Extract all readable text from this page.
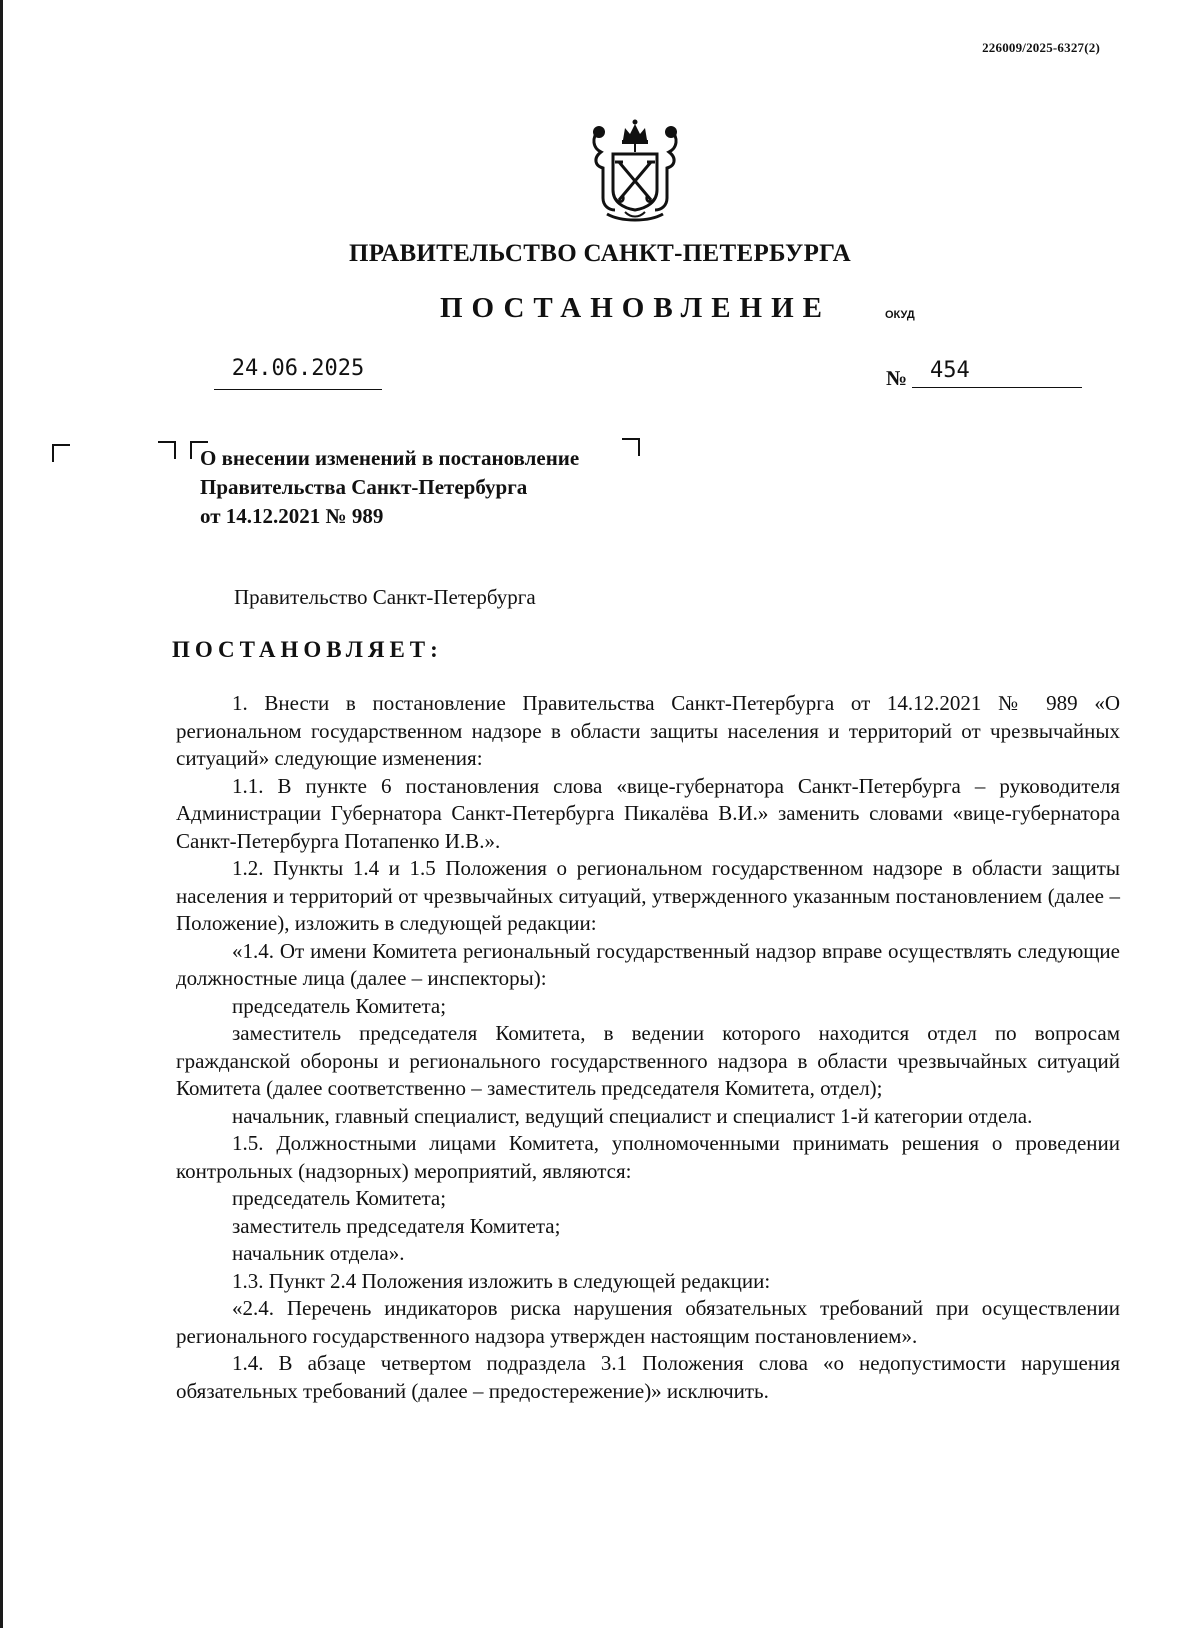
226009/2025-6327(2)
ПРАВИТЕЛЬСТВО САНКТ-ПЕТЕРБУРГА
ПОСТАНОВЛЕНИЕ	ОКУД
24.06.2025	№ 454
О внесении изменений в постановление
Правительства Санкт-Петербурга
от 14.12.2021 № 989
Правительство Санкт-Петербурга
ПОСТАНОВЛЯЕТ:

1. Внести в постановление Правительства Санкт-Петербурга от 14.12.2021 № 989 «О региональном государственном надзоре в области защиты населения и территорий от чрезвычайных ситуаций» следующие изменения:

1.1. В пункте 6 постановления слова «вице-губернатора Санкт-Петербурга – руководителя Администрации Губернатора Санкт-Петербурга Пикалёва В.И.» заменить словами «вице-губернатора Санкт-Петербурга Потапенко И.В.».

1.2. Пункты 1.4 и 1.5 Положения о региональном государственном надзоре в области защиты населения и территорий от чрезвычайных ситуаций, утвержденного указанным постановлением (далее – Положение), изложить в следующей редакции:

«1.4. От имени Комитета региональный государственный надзор вправе осуществлять следующие должностные лица (далее – инспекторы):

председатель Комитета;

заместитель председателя Комитета, в ведении которого находится отдел по вопросам гражданской обороны и регионального государственного надзора в области чрезвычайных ситуаций Комитета (далее соответственно – заместитель председателя Комитета, отдел);

начальник, главный специалист, ведущий специалист и специалист 1-й категории отдела.

1.5. Должностными лицами Комитета, уполномоченными принимать решения о проведении контрольных (надзорных) мероприятий, являются:

председатель Комитета;

заместитель председателя Комитета;

начальник отдела».

1.3. Пункт 2.4 Положения изложить в следующей редакции:

«2.4. Перечень индикаторов риска нарушения обязательных требований при осуществлении регионального государственного надзора утвержден настоящим постановлением».

1.4. В абзаце четвертом подраздела 3.1 Положения слова «о недопустимости нарушения обязательных требований (далее – предостережение)» исключить.
